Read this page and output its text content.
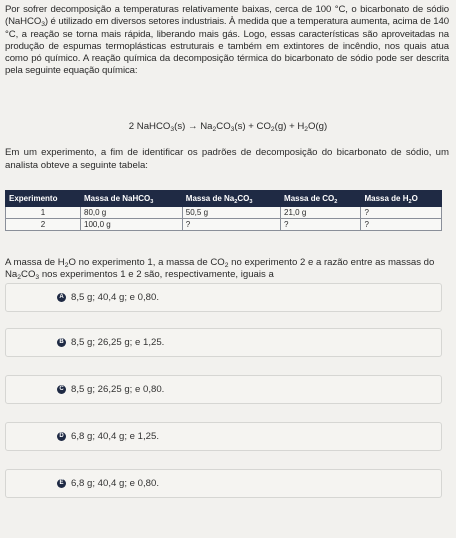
Por sofrer decomposição a temperaturas relativamente baixas, cerca de 100 °C, o bicarbonato de sódio (NaHCO$_3$) é utilizado em diversos setores industriais. À medida que a temperatura aumenta, acima de 140 °C, a reação se torna mais rápida, liberando mais gás. Logo, essas características são aproveitadas na produção de espumas termoplásticas estruturais e também em extintores de incêndio, nos quais atua como pó químico. A reação química da decomposição térmica do bicarbonato de sódio pode ser descrita pela seguinte equação química:
2 NaHCO$_3$(s) → $Na_2CO_3(s) + CO_2(g) + H_2O(g)$
Em um experimento, a fim de identificar os padrões de decomposição do bicarbonato de sódio, um analista obteve a seguinte tabela:
Experimento	Massa de NaHCO$_3$	Massa de $Na_2CO_3$	Massa de $CO_2$	Massa de $H_2O$
1	80,0 g	50,5 g	21,0 g	?
2	100,0 g	?	?	?
A massa de $H_2O$ no experimento 1, a massa de $CO_2$ no experimento 2 e a razão entre as massas do $Na_2CO_3$ nos experimentos 1 e 2 são, respectivamente, iguais a
A 8,5 g; 40,4 g; e 0,80.
B 8,5 g; 26,25 g; e 1,25.
C 8,5 g; 26,25 g; e 0,80.
D 6,8 g; 40,4 g; e 1,25.
E 6,8 g; 40,4 g; e 0,80.
